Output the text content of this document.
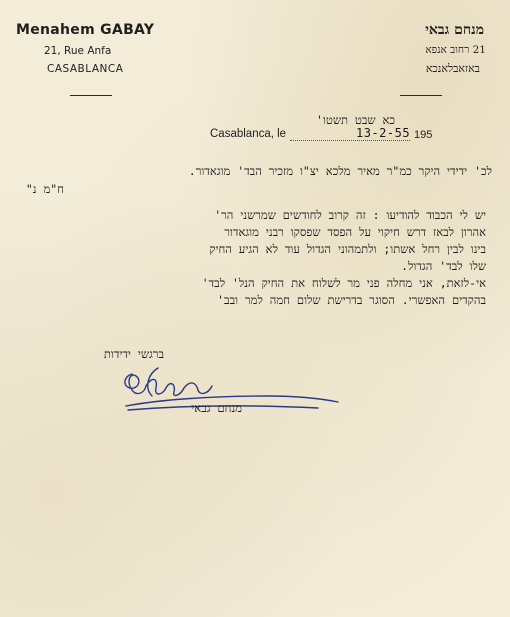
Menahem GABAY
21, Rue Anfa
CASABLANCA
מנחם גבאי
21 רחוב אנפא
באזאבלאנכא
כא שבט תשטו'
Casablanca, le	13-2-55 195
לכ' ידידי היקר כמ"ר מאיר מלכא יצ"ו מזכיר הבד' מוגאדור.
ח"מ נ"
יש לי הכבוד להודיעו : זה קרוב לחודשים שמרשני הר'
אהרון לבאז דרש חיקוי על הפסד שפסקו רבני מוגאדור
בינו לבין רחל אשתו; ולתמהוני הגדול עוד לא הגיע החיק
שלו לבד' הגדול.
אי-לזאת, אני מחלה פני מר לשלוח את החיק הנל' לבד'
בהקדים האפשרי. הסוגר בדרישת שלום חמה למר ובב'
ברגשי ידידות
מנחם גבאי
